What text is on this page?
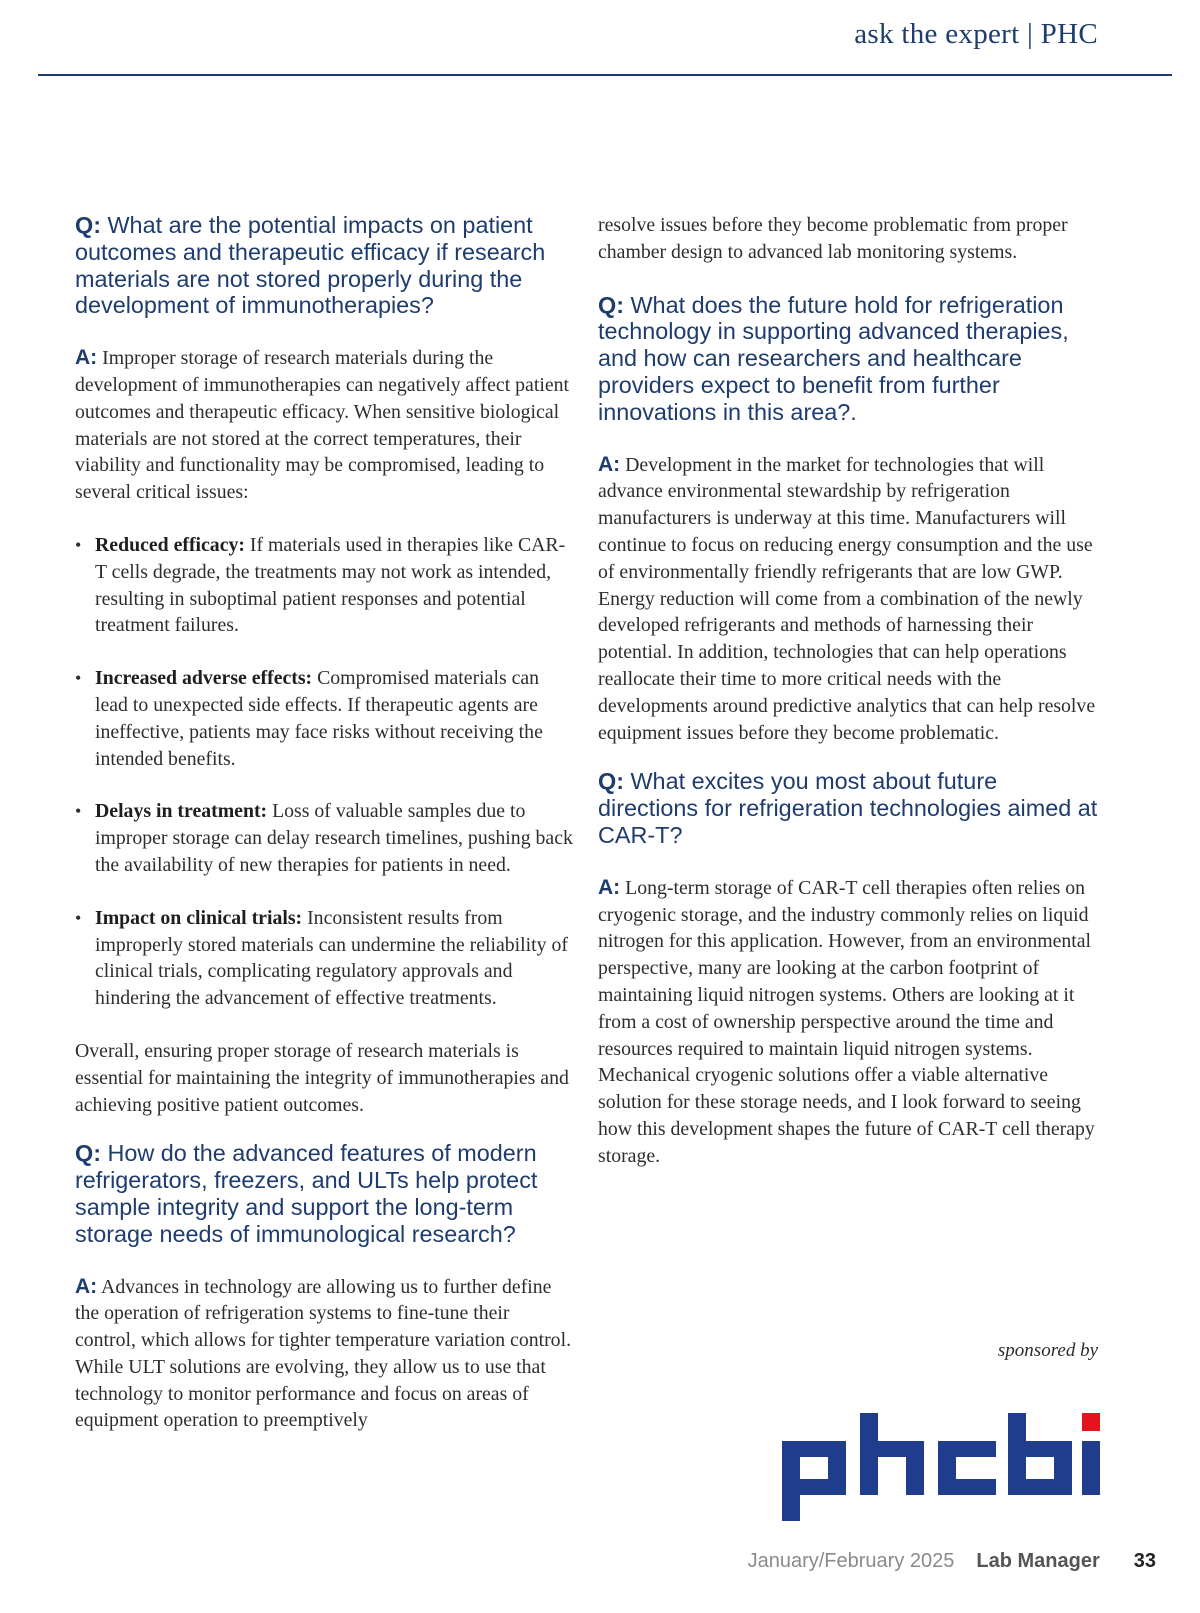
ask the expert | PHC

Q: What are the potential impacts on patient outcomes and therapeutic efficacy if research materials are not stored properly during the development of immunotherapies?

A: Improper storage of research materials during the development of immunotherapies can negatively affect patient outcomes and therapeutic efficacy. When sensitive biological materials are not stored at the correct temperatures, their viability and functionality may be compromised, leading to several critical issues:

• Reduced efficacy: If materials used in therapies like CAR-T cells degrade, the treatments may not work as intended, resulting in suboptimal patient responses and potential treatment failures.
• Increased adverse effects: Compromised materials can lead to unexpected side effects. If therapeutic agents are ineffective, patients may face risks without receiving the intended benefits.
• Delays in treatment: Loss of valuable samples due to improper storage can delay research timelines, pushing back the availability of new therapies for patients in need.
• Impact on clinical trials: Inconsistent results from improperly stored materials can undermine the reliability of clinical trials, complicating regulatory approvals and hindering the advancement of effective treatments.

Overall, ensuring proper storage of research materials is essential for maintaining the integrity of immunotherapies and achieving positive patient outcomes.

Q: How do the advanced features of modern refrigerators, freezers, and ULTs help protect sample integrity and support the long-term storage needs of immunological research?

A: Advances in technology are allowing us to further define the operation of refrigeration systems to fine-tune their control, which allows for tighter temperature variation control. While ULT solutions are evolving, they allow us to use that technology to monitor performance and focus on areas of equipment operation to preemptively

resolve issues before they become problematic from proper chamber design to advanced lab monitoring systems.

Q: What does the future hold for refrigeration technology in supporting advanced therapies, and how can researchers and healthcare providers expect to benefit from further innovations in this area?.

A: Development in the market for technologies that will advance environmental stewardship by refrigeration manufacturers is underway at this time. Manufacturers will continue to focus on reducing energy consumption and the use of environmentally friendly refrigerants that are low GWP. Energy reduction will come from a combination of the newly developed refrigerants and methods of harnessing their potential. In addition, technologies that can help operations reallocate their time to more critical needs with the developments around predictive analytics that can help resolve equipment issues before they become problematic.

Q: What excites you most about future directions for refrigeration technologies aimed at CAR-T?

A: Long-term storage of CAR-T cell therapies often relies on cryogenic storage, and the industry commonly relies on liquid nitrogen for this application. However, from an environmental perspective, many are looking at the carbon footprint of maintaining liquid nitrogen systems. Others are looking at it from a cost of ownership perspective around the time and resources required to maintain liquid nitrogen systems. Mechanical cryogenic solutions offer a viable alternative solution for these storage needs, and I look forward to seeing how this development shapes the future of CAR-T cell therapy storage.

sponsored by
January/February 2025 Lab Manager 33
